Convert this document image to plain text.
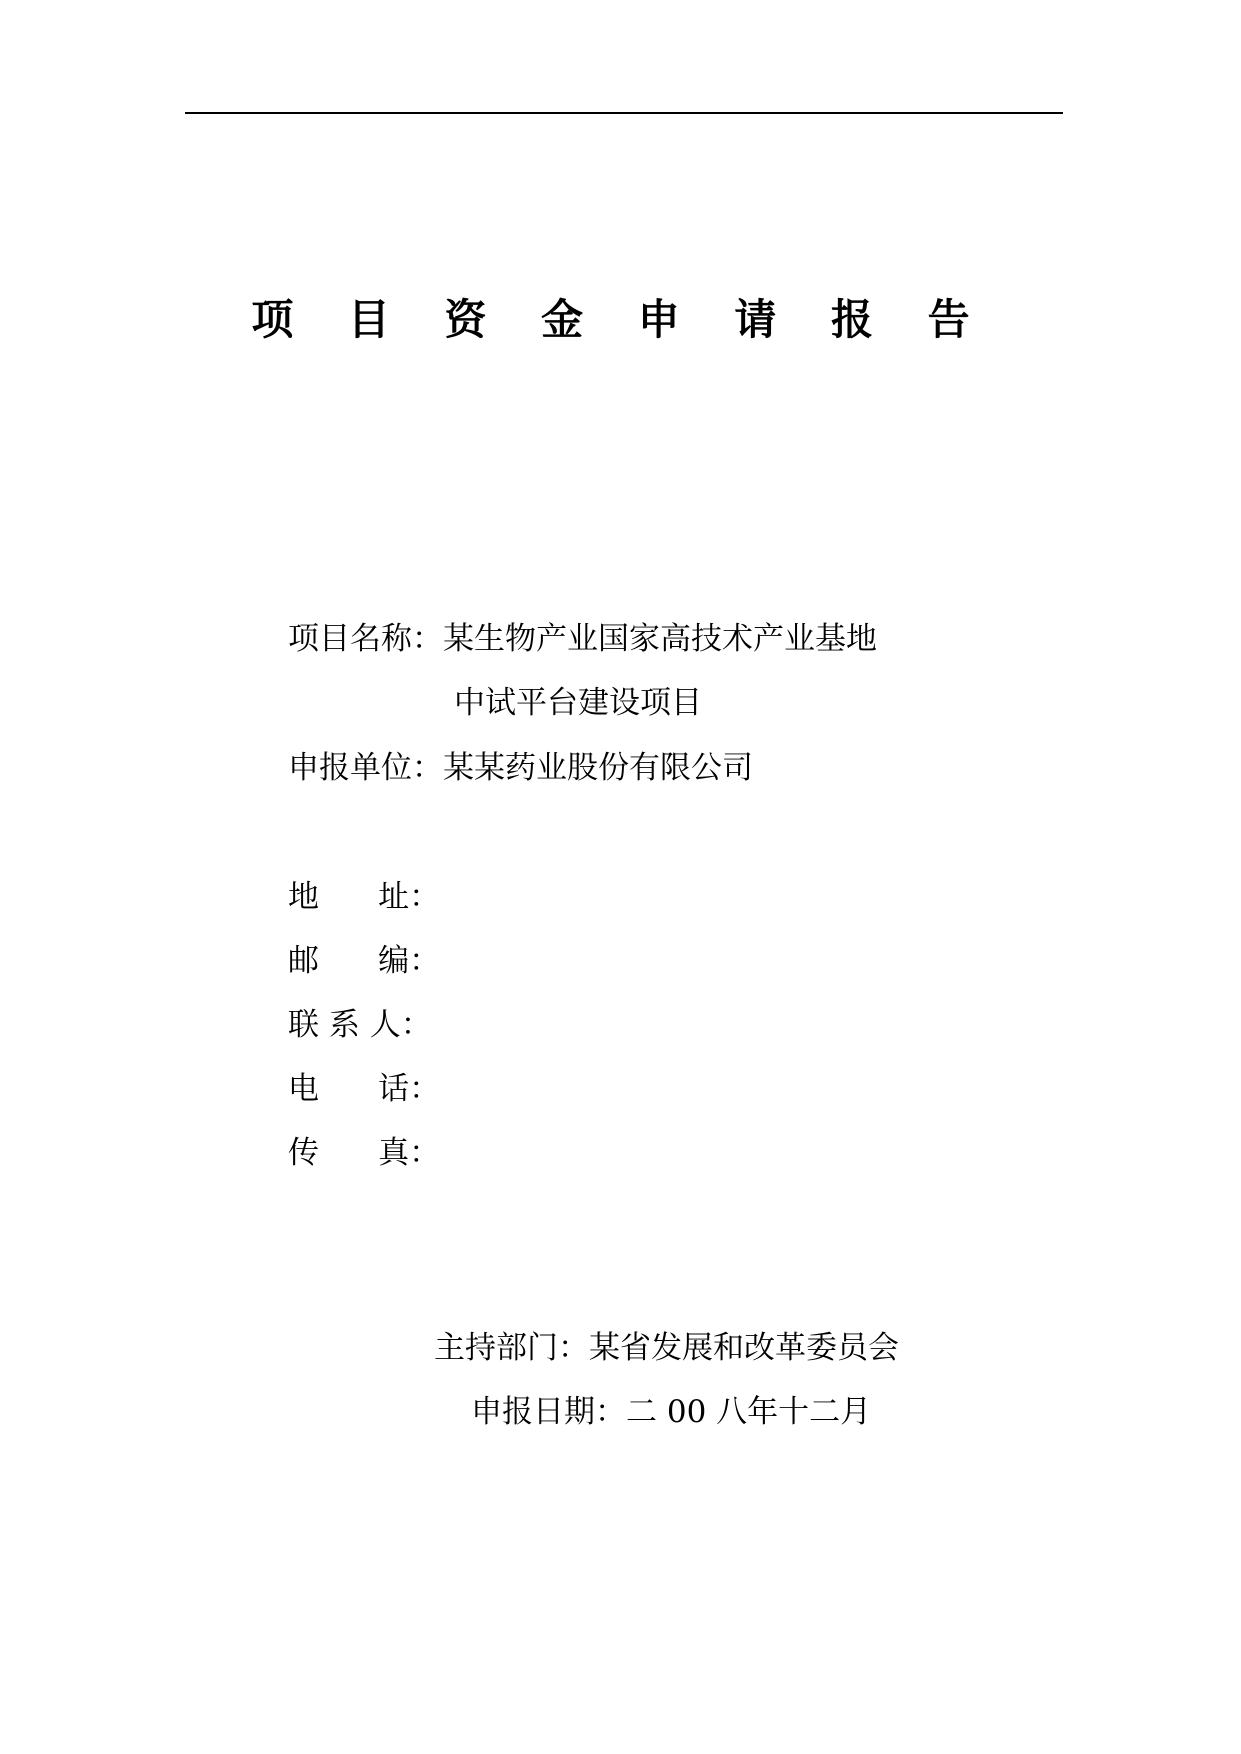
项 目 资 金 申 请 报 告
项目名称：某生物产业国家高技术产业基地
中试平台建设项目
申报单位：某某药业股份有限公司
地      址：
邮      编：
联 系 人：
电      话：
传      真：
主持部门：某省发展和改革委员会
申报日期：二 00 八年十二月
